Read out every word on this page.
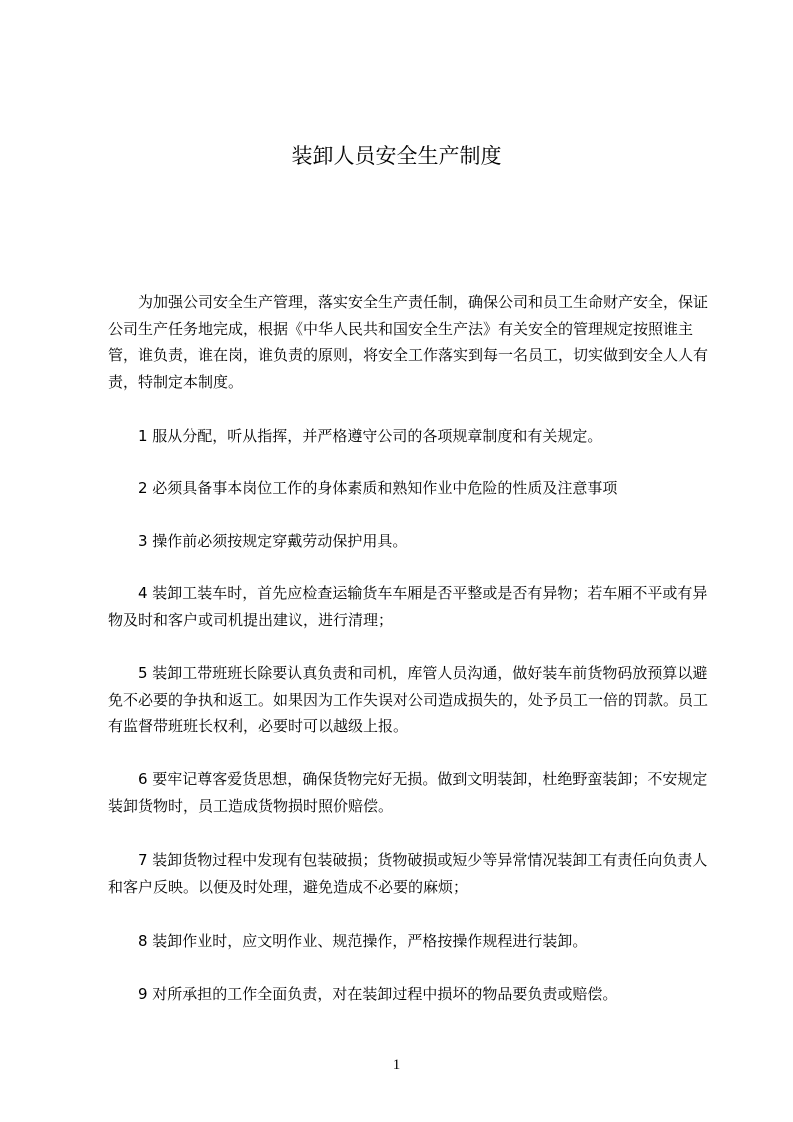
装卸人员安全生产制度

为加强公司安全生产管理，落实安全生产责任制，确保公司和员工生命财产安全，保证公司生产任务地完成，根据《中华人民共和国安全生产法》有关安全的管理规定按照谁主管，谁负责，谁在岗，谁负责的原则，将安全工作落实到每一名员工，切实做到安全人人有责，特制定本制度。

1 服从分配，听从指挥，并严格遵守公司的各项规章制度和有关规定。

2 必须具备事本岗位工作的身体素质和熟知作业中危险的性质及注意事项

3 操作前必须按规定穿戴劳动保护用具。

4 装卸工装车时，首先应检查运输货车车厢是否平整或是否有异物；若车厢不平或有异物及时和客户或司机提出建议，进行清理；

5 装卸工带班班长除要认真负责和司机，库管人员沟通，做好装车前货物码放预算以避免不必要的争执和返工。如果因为工作失误对公司造成损失的，处予员工一倍的罚款。员工有监督带班班长权利，必要时可以越级上报。

6 要牢记尊客爱货思想，确保货物完好无损。做到文明装卸，杜绝野蛮装卸；不安规定装卸货物时，员工造成货物损时照价赔偿。

7 装卸货物过程中发现有包装破损；货物破损或短少等异常情况装卸工有责任向负责人和客户反映。以便及时处理，避免造成不必要的麻烦；

8 装卸作业时，应文明作业、规范操作，严格按操作规程进行装卸。

9 对所承担的工作全面负责，对在装卸过程中损坏的物品要负责或赔偿。

1
